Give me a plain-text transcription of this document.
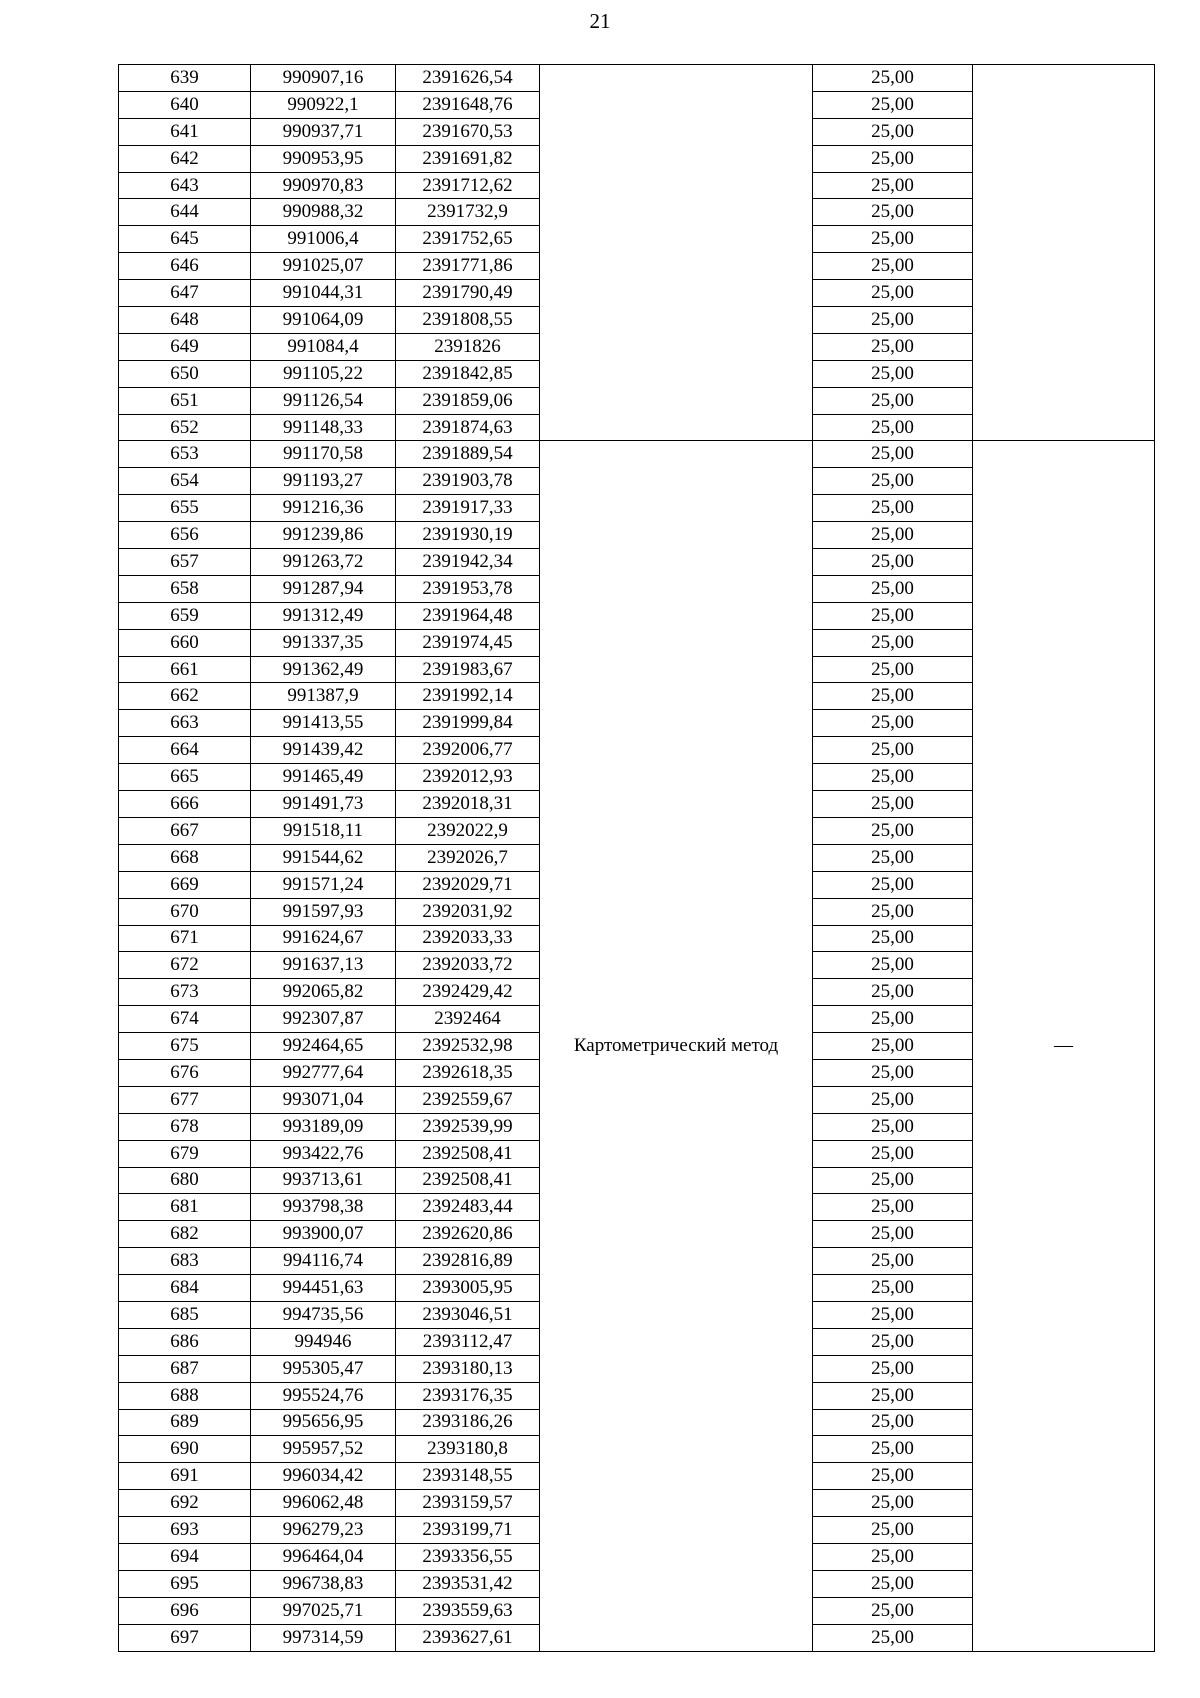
21
639	990907,16	2391626,54		25,00	
640	990922,1	2391648,76		25,00	
641	990937,71	2391670,53		25,00	
642	990953,95	2391691,82		25,00	
643	990970,83	2391712,62		25,00	
644	990988,32	2391732,9		25,00	
645	991006,4	2391752,65		25,00	
646	991025,07	2391771,86		25,00	
647	991044,31	2391790,49		25,00	
648	991064,09	2391808,55		25,00	
649	991084,4	2391826		25,00	
650	991105,22	2391842,85		25,00	
651	991126,54	2391859,06		25,00	
652	991148,33	2391874,63		25,00	
653	991170,58	2391889,54	Картометрический метод	25,00	—
654	991193,27	2391903,78		25,00	
655	991216,36	2391917,33		25,00	
656	991239,86	2391930,19		25,00	
657	991263,72	2391942,34		25,00	
658	991287,94	2391953,78		25,00	
659	991312,49	2391964,48		25,00	
660	991337,35	2391974,45		25,00	
661	991362,49	2391983,67		25,00	
662	991387,9	2391992,14		25,00	
663	991413,55	2391999,84		25,00	
664	991439,42	2392006,77		25,00	
665	991465,49	2392012,93		25,00	
666	991491,73	2392018,31		25,00	
667	991518,11	2392022,9		25,00	
668	991544,62	2392026,7		25,00	
669	991571,24	2392029,71		25,00	
670	991597,93	2392031,92		25,00	
671	991624,67	2392033,33		25,00	
672	991637,13	2392033,72		25,00	
673	992065,82	2392429,42		25,00	
674	992307,87	2392464		25,00	
675	992464,65	2392532,98		25,00	
676	992777,64	2392618,35		25,00	
677	993071,04	2392559,67		25,00	
678	993189,09	2392539,99		25,00	
679	993422,76	2392508,41		25,00	
680	993713,61	2392508,41		25,00	
681	993798,38	2392483,44		25,00	
682	993900,07	2392620,86		25,00	
683	994116,74	2392816,89		25,00	
684	994451,63	2393005,95		25,00	
685	994735,56	2393046,51		25,00	
686	994946	2393112,47		25,00	
687	995305,47	2393180,13		25,00	
688	995524,76	2393176,35		25,00	
689	995656,95	2393186,26		25,00	
690	995957,52	2393180,8		25,00	
691	996034,42	2393148,55		25,00	
692	996062,48	2393159,57		25,00	
693	996279,23	2393199,71		25,00	
694	996464,04	2393356,55		25,00	
695	996738,83	2393531,42		25,00	
696	997025,71	2393559,63		25,00	
697	997314,59	2393627,61		25,00	
